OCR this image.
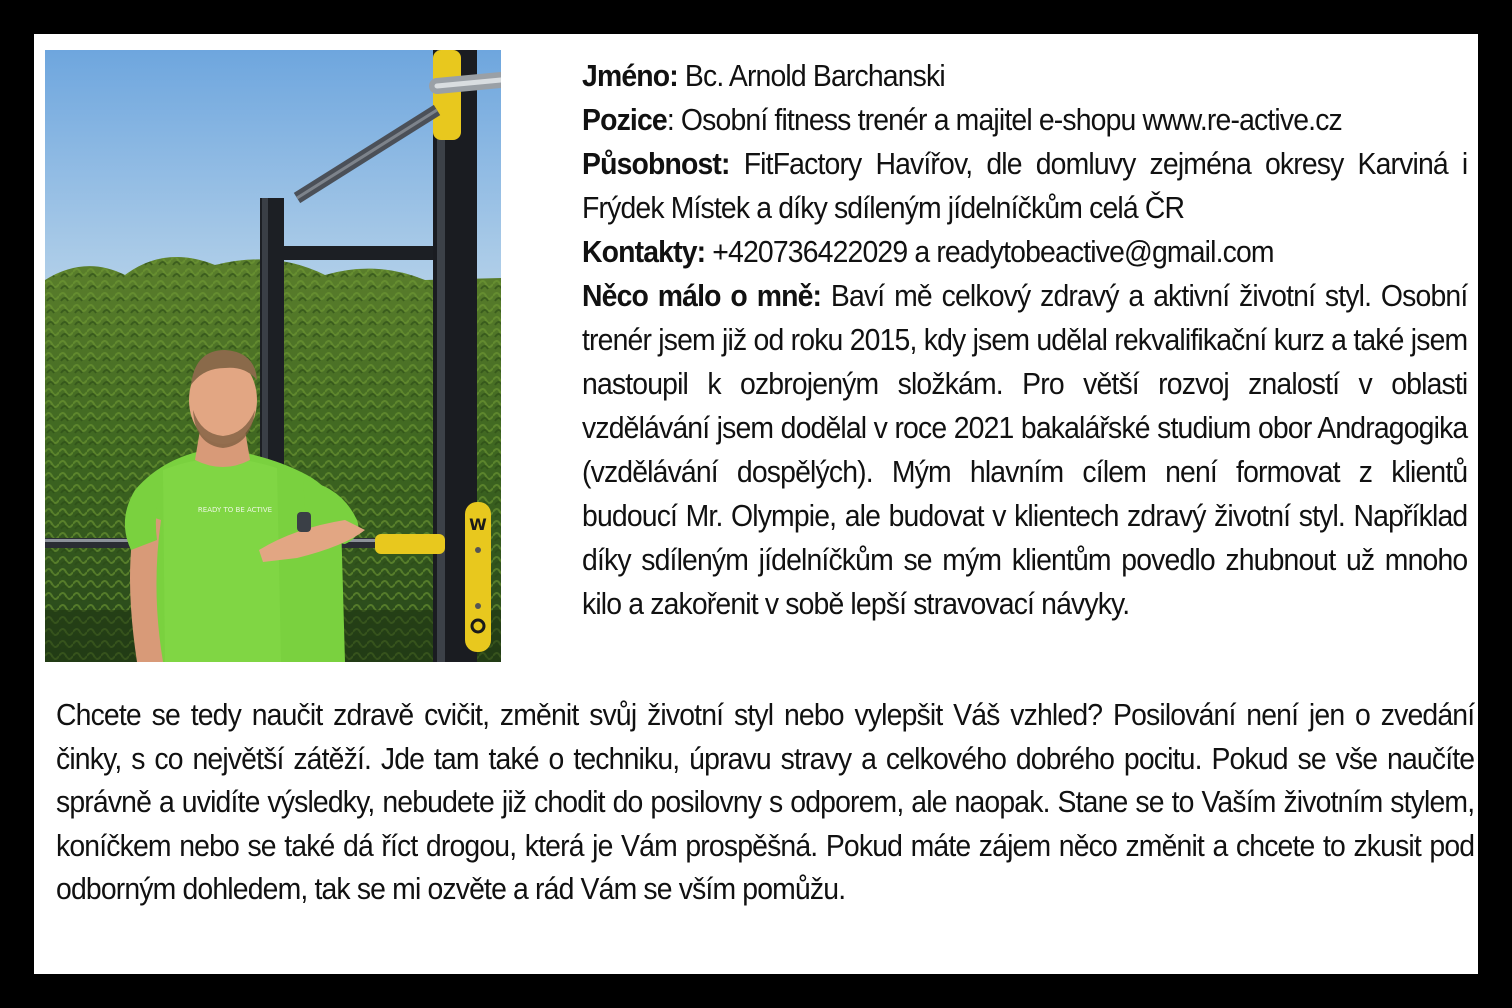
W
READY TO BE ACTIVE

Jméno: Bc. Arnold Barchanski

Pozice: Osobní fitness trenér a majitel e-shopu www.re-active.cz

Působnost: FitFactory Havířov, dle domluvy zejména okresy Karviná i Frýdek Místek a díky sdíleným jídelníčkům celá ČR

Kontakty: +420736422029 a readytobeactive@gmail.com

Něco málo o mně: Baví mě celkový zdravý a aktivní životní styl. Osobní trenér jsem již od roku 2015, kdy jsem udělal rekvalifikační kurz a také jsem nastoupil k ozbrojeným složkám. Pro větší rozvoj znalostí v oblasti vzdělávání jsem dodělal v roce 2021 bakalářské studium obor Andragogika (vzdělávání dospělých). Mým hlavním cílem není formovat z klientů budoucí Mr. Olympie, ale budovat v klientech zdravý životní styl. Například díky sdíleným jídelníčkům se mým klientům povedlo zhubnout už mnoho kilo a zakořenit v sobě lepší stravovací návyky.

Chcete se tedy naučit zdravě cvičit, změnit svůj životní styl nebo vylepšit Váš vzhled? Posilování není jen o zvedání činky, s co největší zátěží. Jde tam také o techniku, úpravu stravy a celkového dobrého pocitu. Pokud se vše naučíte správně a uvidíte výsledky, nebudete již chodit do posilovny s odporem, ale naopak. Stane se to Vaším životním stylem, koníčkem nebo se také dá říct drogou, která je Vám prospěšná. Pokud máte zájem něco změnit a chcete to zkusit pod odborným dohledem, tak se mi ozvěte a rád Vám se vším pomůžu.
